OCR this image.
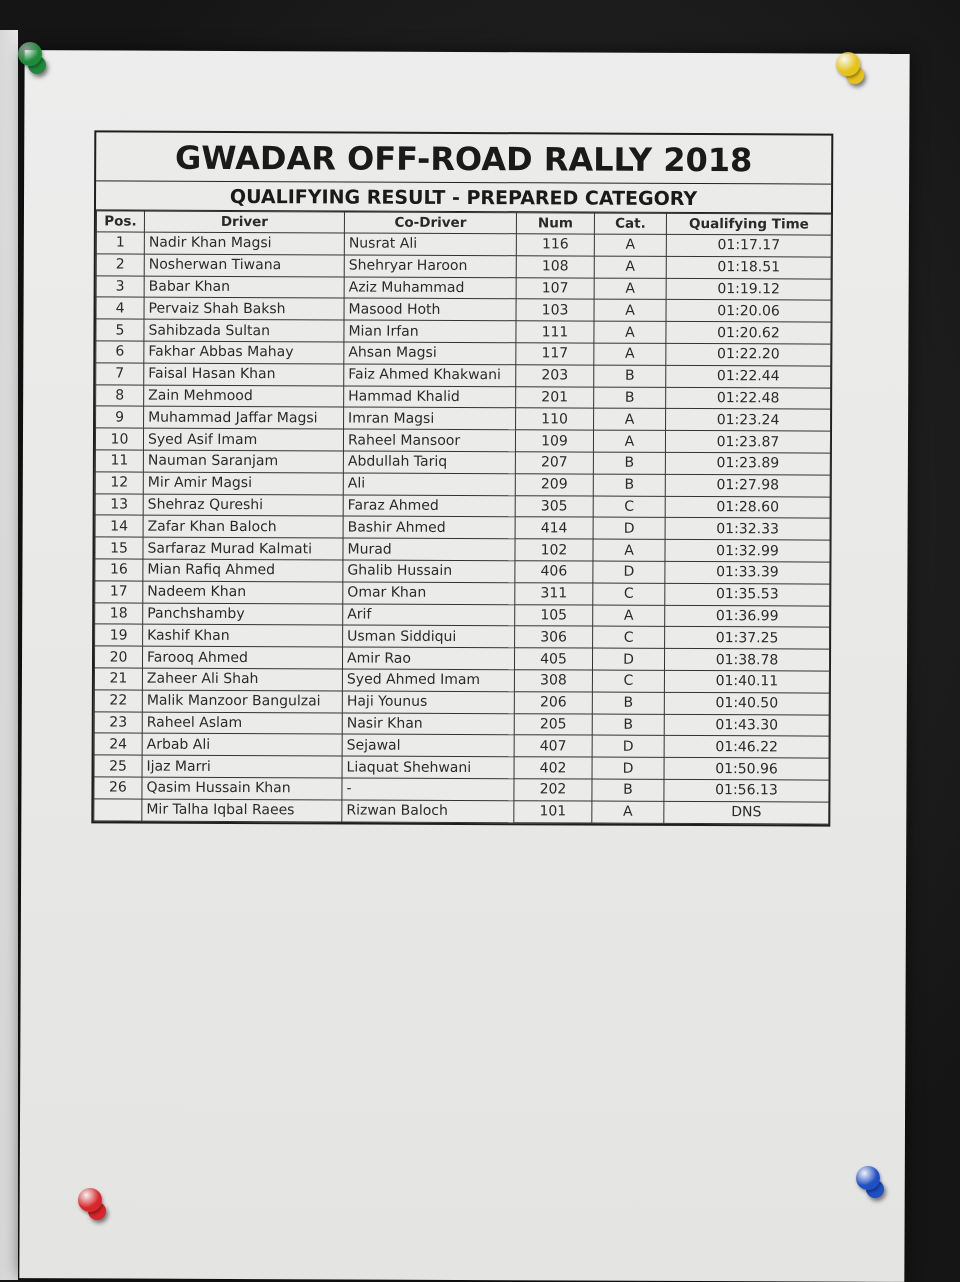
GWADAR OFF-ROAD RALLY 2018
QUALIFYING RESULT - PREPARED CATEGORY
Pos.	Driver	Co-Driver	Num	Cat.	Qualifying Time
1	Nadir Khan Magsi	Nusrat Ali	116	A	01:17.17
2	Nosherwan Tiwana	Shehryar Haroon	108	A	01:18.51
3	Babar Khan	Aziz Muhammad	107	A	01:19.12
4	Pervaiz Shah Baksh	Masood Hoth	103	A	01:20.06
5	Sahibzada Sultan	Mian Irfan	111	A	01:20.62
6	Fakhar Abbas Mahay	Ahsan Magsi	117	A	01:22.20
7	Faisal Hasan Khan	Faiz Ahmed Khakwani	203	B	01:22.44
8	Zain Mehmood	Hammad Khalid	201	B	01:22.48
9	Muhammad Jaffar Magsi	Imran Magsi	110	A	01:23.24
10	Syed Asif Imam	Raheel Mansoor	109	A	01:23.87
11	Nauman Saranjam	Abdullah Tariq	207	B	01:23.89
12	Mir Amir Magsi	Ali	209	B	01:27.98
13	Shehraz Qureshi	Faraz Ahmed	305	C	01:28.60
14	Zafar Khan Baloch	Bashir Ahmed	414	D	01:32.33
15	Sarfaraz Murad Kalmati	Murad	102	A	01:32.99
16	Mian Rafiq Ahmed	Ghalib Hussain	406	D	01:33.39
17	Nadeem Khan	Omar Khan	311	C	01:35.53
18	Panchshamby	Arif	105	A	01:36.99
19	Kashif Khan	Usman Siddiqui	306	C	01:37.25
20	Farooq Ahmed	Amir Rao	405	D	01:38.78
21	Zaheer Ali Shah	Syed Ahmed Imam	308	C	01:40.11
22	Malik Manzoor Bangulzai	Haji Younus	206	B	01:40.50
23	Raheel Aslam	Nasir Khan	205	B	01:43.30
24	Arbab Ali	Sejawal	407	D	01:46.22
25	Ijaz Marri	Liaquat Shehwani	402	D	01:50.96
26	Qasim Hussain Khan	-	202	B	01:56.13
	Mir Talha Iqbal Raees	Rizwan Baloch	101	A	DNS
